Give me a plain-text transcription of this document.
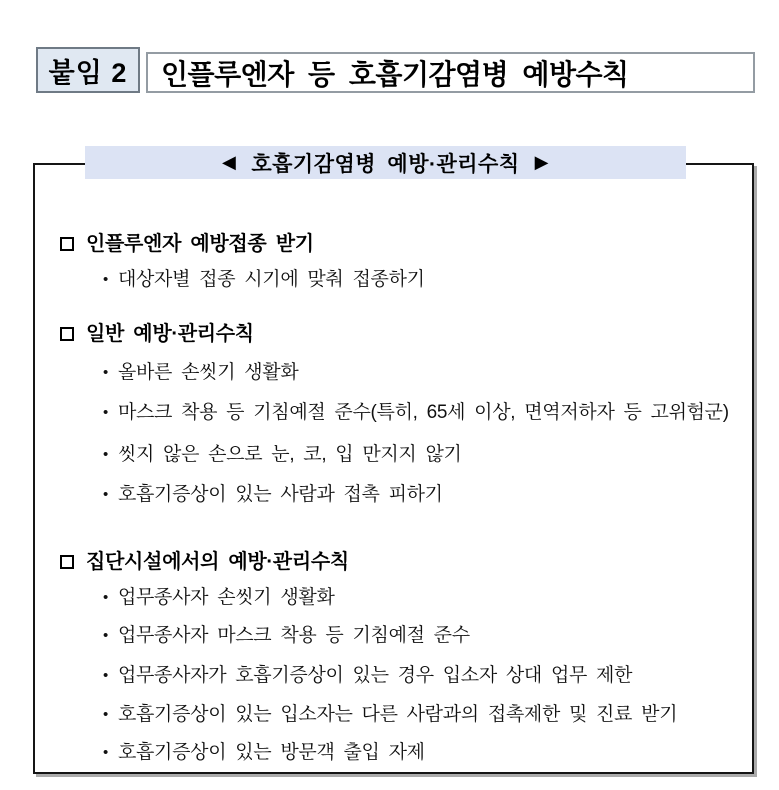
붙임 2 인플루엔자 등 호흡기감염병 예방수칙
◀ 호흡기감염병 예방·관리수칙 ▶
인플루엔자 예방접종 받기
• 대상자별 접종 시기에 맞춰 접종하기
일반 예방·관리수칙
• 올바른 손씻기 생활화
• 마스크 착용 등 기침예절 준수(특히, 65세 이상, 면역저하자 등 고위험군)
• 씻지 않은 손으로 눈, 코, 입 만지지 않기
• 호흡기증상이 있는 사람과 접촉 피하기
집단시설에서의 예방·관리수칙
• 업무종사자 손씻기 생활화
• 업무종사자 마스크 착용 등 기침예절 준수
• 업무종사자가 호흡기증상이 있는 경우 입소자 상대 업무 제한
• 호흡기증상이 있는 입소자는 다른 사람과의 접촉제한 및 진료 받기
• 호흡기증상이 있는 방문객 출입 자제
